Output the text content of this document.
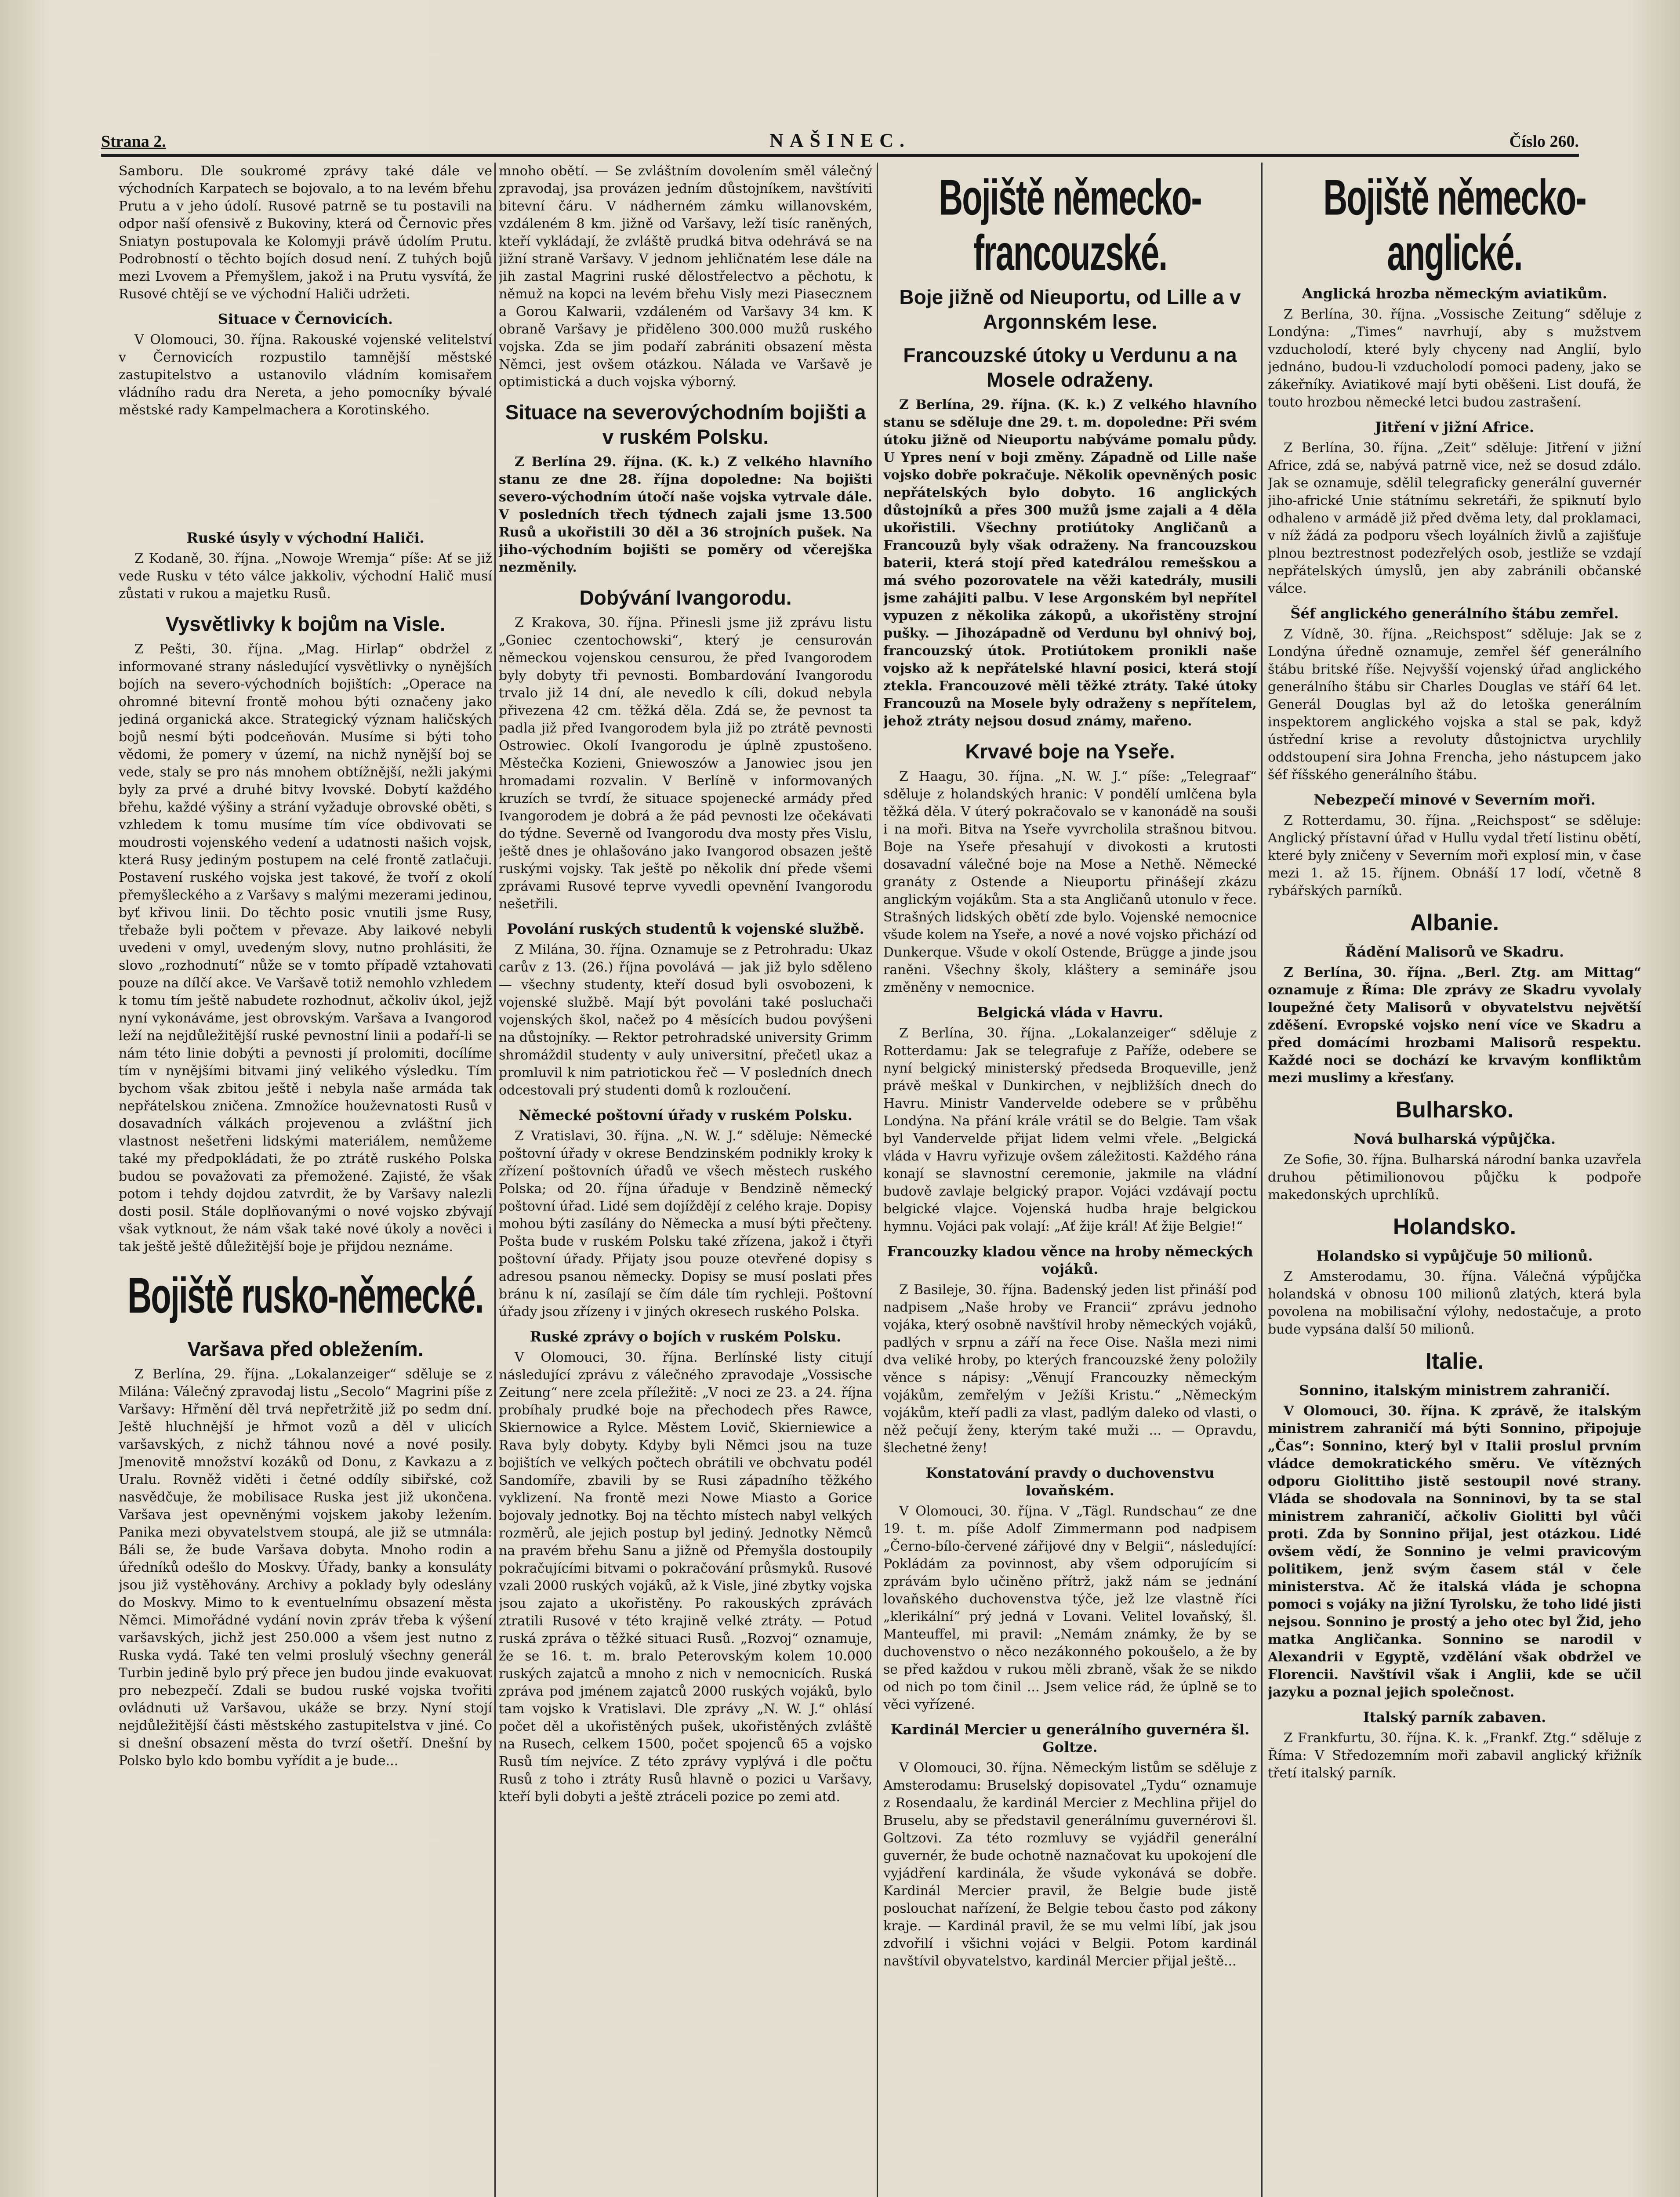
Strana 2.	NAŠINEC.	Číslo 260.

Samboru. Dle soukromé zprávy také dále ve východních Karpatech se bojovalo, a to na levém břehu Prutu a v jeho údolí. Rusové patrně se tu postavili na odpor naší ofensivě z Bukoviny, která od Černovic přes Sniatyn postupovala ke Kolomyji právě údolím Prutu. Podrobností o těchto bojích dosud není. Z tuhých bojů mezi Lvovem a Přemyšlem, jakož i na Prutu vysvítá, že Rusové chtějí se ve východní Haliči udržeti.

Situace v Černovicích.

V Olomouci, 30. října. Rakouské vojenské velitelství v Černovicích rozpustilo tamnější městské zastupitelstvo a ustanovilo vládním komisařem vládního radu dra Nereta, a jeho pomocníky bývalé městské rady Kampelmachera a Korotinského.

Ruské úsyly v východní Haliči.

Z Kodaně, 30. října. „Nowoje Wremja“ píše: Ať se již vede Rusku v této válce jakkoliv, východní Halič musí zůstati v rukou a majetku Rusů.

Vysvětlivky k bojům na Visle.

Z Pešti, 30. října. „Mag. Hirlap“ obdržel z informované strany následující vysvětlivky o nynějších bojích na severo-východních bojištích: „Operace na ohromné bitevní frontě mohou býti označeny jako jediná organická akce. Strategický význam haličských bojů nesmí býti podceňován. Musíme si býti toho vědomi, že pomery v území, na nichž nynější boj se vede, staly se pro nás mnohem obtížnější, nežli jakými byly za prvé a druhé bitvy lvovské. Dobytí každého břehu, každé výšiny a strání vyžaduje obrovské oběti, s vzhledem k tomu musíme tím více obdivovati se moudrosti vojenského vedení a udatnosti našich vojsk, která Rusy jediným postupem na celé frontě zatlačuji. Postavení ruského vojska jest takové, že tvoří z okolí přemyšleckého a z Varšavy s malými mezerami jedinou, byť křivou linii. Do těchto posic vnutili jsme Rusy, třebaže byli počtem v převaze. Aby laikové nebyli uvedeni v omyl, uvedeným slovy, nutno prohlásiti, že slovo „rozhodnutí“ nůže se v tomto případě vztahovati pouze na dílčí akce. Ve Varšavě totiž nemohlo vzhledem k tomu tím ještě nabudete rozhodnut, ačkoliv úkol, jejž nyní vykonáváme, jest obrovským. Varšava a Ivangorod leží na nejdůležitější ruské pevnostní linii a podaří-li se nám této linie dobýti a pevnosti jí prolomiti, docílíme tím v nynějšími bitvami jiný velikého výsledku. Tím bychom však zbitou ještě i nebyla naše armáda tak nepřátelskou zničena. Zmnožíce houževnatosti Rusů v dosavadních válkách projevenou a zvláštní jich vlastnost nešetřeni lidskými materiálem, nemůžeme také my předpokládati, že po ztrátě ruského Polska budou se považovati za přemožené. Zajisté, že však potom i tehdy dojdou zatvrdit, že by Varšavy nalezli dosti posil. Stále doplňovanými o nové vojsko zbývají však vytknout, že nám však také nové úkoly a nověci i tak ještě ještě důležitější boje je přijdou neznáme.

Bojiště rusko-německé.
Varšava před obležením.

Z Berlína, 29. října. „Lokalanzeiger“ sděluje se z Milána: Válečný zpravodaj listu „Secolo“ Magrini píše z Varšavy: Hřmění děl trvá nepřetržitě již po sedm dní. Ještě hluchnější je hřmot vozů a děl v ulicích varšavských, z nichž táhnou nové a nové posily. Jmenovitě množství kozáků od Donu, z Kavkazu a z Uralu. Rovněž viděti i četné oddíly sibiřské, což nasvědčuje, že mobilisace Ruska jest již ukončena. Varšava jest opevněnými vojskem jakoby ležením. Panika mezi obyvatelstvem stoupá, ale již se utmnála: Báli se, že bude Varšava dobyta. Mnoho rodin a úředníků odešlo do Moskvy. Úřady, banky a konsuláty jsou již vystěhovány. Archivy a poklady byly odeslány do Moskvy. Mimo to k eventuelnímu obsazení města Němci. Mimořádné vydání novin zpráv třeba k výšení varšavských, jichž jest 250.000 a všem jest nutno z Ruska vydá. Také ten velmi proslulý všechny generál Turbin jedině bylo prý přece jen budou jinde evakuovat pro nebezpečí. Zdali se budou ruské vojska tvořiti ovládnuti už Varšavou, ukáže se brzy. Nyní stojí nejdůležitější části městského zastupitelstva v jiné. Co si dnešní obsazení města do tvrzí ošetří. Dnešní by Polsko bylo kdo bombu vyřídit a je bude...

mnoho obětí. — Se zvláštním dovolením směl válečný zpravodaj, jsa provázen jedním důstojníkem, navštíviti bitevní čáru. V nádherném zámku willanovském, vzdáleném 8 km. jižně od Varšavy, leží tisíc raněných, kteří vykládají, že zvláště prudká bitva odehrává se na jižní straně Varšavy. V jednom jehličnatém lese dále na jih zastal Magrini ruské dělostřelectvo a pěchotu, k němuž na kopci na levém břehu Visly mezi Piasecznem a Gorou Kalwarii, vzdáleném od Varšavy 34 km. K obraně Varšavy je přiděleno 300.000 mužů ruského vojska. Zda se jim podaří zabrániti obsazení města Němci, jest ovšem otázkou. Nálada ve Varšavě je optimistická a duch vojska výborný.

Situace na severovýchodním bojišti a v ruském Polsku.

Z Berlína 29. října. (K. k.) Z velkého hlavního stanu ze dne 28. října dopoledne: Na bojišti severo-východním útočí naše vojska vytrvale dále. V posledních třech týdnech zajali jsme 13.500 Rusů a ukořistili 30 děl a 36 strojních pušek. Na jiho-východním bojišti se poměry od včerejška nezměnily.

Dobývání Ivangorodu.

Z Krakova, 30. října. Přinesli jsme již zprávu listu „Goniec czentochowski“, který je censurován německou vojenskou censurou, že před Ivangorodem byly dobyty tři pevnosti. Bombardování Ivangorodu trvalo již 14 dní, ale nevedlo k cíli, dokud nebyla přivezena 42 cm. těžká děla. Zdá se, že pevnost ta padla již před Ivangorodem byla již po ztrátě pevnosti Ostrowiec. Okolí Ivangorodu je úplně zpustošeno. Městečka Kozieni, Gniewoszów a Janowiec jsou jen hromadami rozvalin. V Berlíně v informovaných kruzích se tvrdí, že situace spojenecké armády před Ivangorodem je dobrá a že pád pevnosti lze očekávati do týdne. Severně od Ivangorodu dva mosty přes Vislu, ještě dnes je ohlašováno jako Ivangorod obsazen ještě ruskými vojsky. Tak ještě po několik dní přede všemi zprávami Rusové teprve vyvedli opevnění Ivangorodu nešetřili.

Povolání ruských studentů k vojenské službě.

Z Milána, 30. října. Oznamuje se z Petrohradu: Ukaz carův z 13. (26.) října povolává — jak již bylo sděleno — všechny studenty, kteří dosud byli osvobozeni, k vojenské službě. Mají být povoláni také posluchači vojenských škol, načež po 4 měsících budou povýšeni na důstojníky. — Rektor petrohradské university Grimm shromáždil studenty v auly universitní, přečetl ukaz a promluvil k nim patriotickou řeč — V posledních dnech odcestovali prý studenti domů k rozloučení.

Německé poštovní úřady v ruském Polsku.

Z Vratislavi, 30. října. „N. W. J.“ sděluje: Německé poštovní úřady v okrese Bendzinském podnikly kroky k zřízení poštovních úřadů ve všech městech ruského Polska; od 20. října úřaduje v Bendzině německý poštovní úřad. Lidé sem dojíždějí z celého kraje. Dopisy mohou býti zasílány do Německa a musí býti přečteny. Pošta bude v ruském Polsku také zřízena, jakož i čtyři poštovní úřady. Přijaty jsou pouze otevřené dopisy s adresou psanou německy. Dopisy se musí poslati přes bránu k ní, zasílají se čím dále tím rychleji. Poštovní úřady jsou zřízeny i v jiných okresech ruského Polska.

Ruské zprávy o bojích v ruském Polsku.

V Olomouci, 30. října. Berlínské listy citují následující zprávu z válečného zpravodaje „Vossische Zeitung“ nere zcela příležitě: „V noci ze 23. a 24. října probíhaly prudké boje na přechodech přes Rawce, Skiernowice a Rylce. Městem Lovič, Skierniewice a Rava byly dobyty. Kdyby byli Němci jsou na tuze bojištích ve velkých počtech obrátili ve obchvatu podél Sandomíře, zbavili by se Rusi západního těžkého vyklizení. Na frontě mezi Nowe Miasto a Gorice bojovaly jednotky. Boj na těchto místech nabyl velkých rozměrů, ale jejich postup byl jediný. Jednotky Němců na pravém břehu Sanu a jižně od Přemyšla dostoupily pokračujícími bitvami o pokračování průsmyků. Rusové vzali 2000 ruských vojáků, až k Visle, jiné zbytky vojska jsou zajato a ukořistěny. Po rakouských zprávách ztratili Rusové v této krajině velké ztráty. — Potud ruská zpráva o těžké situaci Rusů. „Rozvoj“ oznamuje, že se 16. t. m. bralo Peterovským kolem 10.000 ruských zajatců a mnoho z nich v nemocnicích. Ruská zpráva pod jménem zajatců 2000 ruských vojáků, bylo tam vojsko k Vratislavi. Dle zprávy „N. W. J.“ ohlásí počet děl a ukořistěných pušek, ukořistěných zvláště na Rusech, celkem 1500, počet spojenců 65 a vojsko Rusů tím nejvíce. Z této zprávy vyplývá i dle počtu Rusů z toho i ztráty Rusů hlavně o pozici u Varšavy, kteří byli dobyti a ještě ztráceli pozice po zemi atd.

Bojiště německo-francouzské.
Boje jižně od Nieuportu, od Lille a v Argonnském lese.
Francouzské útoky u Verdunu a na Mosele odraženy.

Z Berlína, 29. října. (K. k.) Z velkého hlavního stanu se sděluje dne 29. t. m. dopoledne: Při svém útoku jižně od Nieuportu nabýváme pomalu půdy. U Ypres není v boji změny. Západně od Lille naše vojsko dobře pokračuje. Několik opevněných posic nepřátelských bylo dobyto. 16 anglických důstojníků a přes 300 mužů jsme zajali a 4 děla ukořistili. Všechny protiútoky Angličanů a Francouzů byly však odraženy. Na francouzskou baterii, která stojí před katedrálou remešskou a má svého pozorovatele na věži katedrály, musili jsme zahájiti palbu. V lese Argonském byl nepřítel vypuzen z několika zákopů, a ukořistěny strojní pušky. — Jihozápadně od Verdunu byl ohnivý boj, francouzský útok. Protiútokem pronikli naše vojsko až k nepřátelské hlavní posici, která stojí ztekla. Francouzové měli těžké ztráty. Také útoky Francouzů na Mosele byly odraženy s nepřítelem, jehož ztráty nejsou dosud známy, mařeno.

Krvavé boje na Yseře.

Z Haagu, 30. října. „N. W. J.“ píše: „Telegraaf“ sděluje z holandských hranic: V pondělí umlčena byla těžká děla. V úterý pokračovalo se v kanonádě na souši i na moři. Bitva na Yseře vyvrcholila strašnou bitvou. Boje na Yseře přesahují v divokosti a krutosti dosavadní válečné boje na Mose a Nethě. Německé granáty z Ostende a Nieuportu přinášejí zkázu anglickým vojákům. Sta a sta Angličanů utonulo v řece. Strašných lidských obětí zde bylo. Vojenské nemocnice všude kolem na Yseře, a nové a nové vojsko přichází od Dunkerque. Všude v okolí Ostende, Brügge a jinde jsou raněni. Všechny školy, kláštery a semináře jsou změněny v nemocnice.

Belgická vláda v Havru.

Z Berlína, 30. října. „Lokalanzeiger“ sděluje z Rotterdamu: Jak se telegrafuje z Paříže, odebere se nyní belgický ministerský předseda Broqueville, jenž právě meškal v Dunkirchen, v nejbližších dnech do Havru. Ministr Vandervelde odebere se v průběhu Londýna. Na přání krále vrátil se do Belgie. Tam však byl Vandervelde přijat lidem velmi vřele. „Belgická vláda v Havru vyřizuje ovšem záležitosti. Každého rána konají se slavnostní ceremonie, jakmile na vládní budově zavlaje belgický prapor. Vojáci vzdávají poctu belgické vlajce. Vojenská hudba hraje belgickou hymnu. Vojáci pak volají: „Ať žije král! Ať žije Belgie!“

Francouzky kladou věnce na hroby německých vojáků.

Z Basileje, 30. října. Badenský jeden list přináší pod nadpisem „Naše hroby ve Francii“ zprávu jednoho vojáka, který osobně navštívil hroby německých vojáků, padlých v srpnu a září na řece Oise. Našla mezi nimi dva veliké hroby, po kterých francouzské ženy položily věnce s nápisy: „Věnují Francouzky německým vojákům, zemřelým v Ježíši Kristu.“ „Německým vojákům, kteří padli za vlast, padlým daleko od vlasti, o něž pečují ženy, kterým také muži ... — Opravdu, šlechetné ženy!

Konstatování pravdy o duchovenstvu lovaňském.

V Olomouci, 30. října. V „Tägl. Rundschau“ ze dne 19. t. m. píše Adolf Zimmermann pod nadpisem „Černo-bílo-červené zářijové dny v Belgii“, následující: Pokládám za povinnost, aby všem odporujícím si zprávám bylo učiněno přítrž, jakž nám se jednání lovaňského duchovenstva týče, jež lze vlastně říci „klerikální“ prý jedná v Lovani. Velitel lovaňský, šl. Manteuffel, mi pravil: „Nemám známky, že by se duchovenstvo o něco nezákonného pokoušelo, a že by se před každou v rukou měli zbraně, však že se nikdo od nich po tom činil ... Jsem velice rád, že úplně se to věci vyřízené.

Kardinál Mercier u generálního guvernéra šl. Goltze.

V Olomouci, 30. října. Německým listům se sděluje z Amsterodamu: Bruselský dopisovatel „Tydu“ oznamuje z Rosendaalu, že kardinál Mercier z Mechlina přijel do Bruselu, aby se představil generálnímu guvernérovi šl. Goltzovi. Za této rozmluvy se vyjádřil generální guvernér, že bude ochotně naznačovat ku upokojení dle vyjádření kardinála, že všude vykonává se dobře. Kardinál Mercier pravil, že Belgie bude jistě poslouchat nařízení, že Belgie tebou často pod zákony kraje. — Kardinál pravil, že se mu velmi líbí, jak jsou zdvořilí i všichni vojáci v Belgii. Potom kardinál navštívil obyvatelstvo, kardinál Mercier přijal ještě...

Bojiště německo-anglické.
Anglická hrozba německým aviatikům.

Z Berlína, 30. října. „Vossische Zeitung“ sděluje z Londýna: „Times“ navrhují, aby s mužstvem vzducholodí, které byly chyceny nad Anglií, bylo jednáno, budou-li vzducholodí pomoci padeny, jako se zákeřníky. Aviatikové mají byti oběšeni. List doufá, že touto hrozbou německé letci budou zastrašení.

Jitření v jižní Africe.

Z Berlína, 30. října. „Zeit“ sděluje: Jitření v jižní Africe, zdá se, nabývá patrně vice, než se dosud zdálo. Jak se oznamuje, sdělil telegraficky generální guvernér jiho-africké Unie státnímu sekretáři, že spiknutí bylo odhaleno v armádě již před dvěma lety, dal proklamaci, v níž žádá za podporu všech loyálních živlů a zajišťuje plnou beztrestnost podezřelých osob, jestliže se vzdají nepřátelských úmyslů, jen aby zabránili občanské válce.

Šéf anglického generálního štábu zemřel.

Z Vídně, 30. října. „Reichspost“ sděluje: Jak se z Londýna úředně oznamuje, zemřel šéf generálního štábu britské říše. Nejvyšší vojenský úřad anglického generálního štábu sir Charles Douglas ve stáří 64 let. Generál Douglas byl až do letoška generálním inspektorem anglického vojska a stal se pak, když ústřední krise a revoluty důstojnictva urychlily oddstoupení sira Johna Frencha, jeho nástupcem jako šéf říšského generálního štábu.

Nebezpečí minové v Severním moři.

Z Rotterdamu, 30. října. „Reichspost“ se sděluje: Anglický přístavní úřad v Hullu vydal třetí listinu obětí, které byly zničeny v Severním moři explosí min, v čase mezi 1. až 15. říjnem. Obnáší 17 lodí, včetně 8 rybářských parníků.

Albanie.
Řádění Malisorů ve Skadru.

Z Berlína, 30. října. „Berl. Ztg. am Mittag“ oznamuje z Říma: Dle zprávy ze Skadru vyvolaly loupežné čety Malisorů v obyvatelstvu největší zděšení. Evropské vojsko není více ve Skadru a před domácími hrozbami Malisorů respektu. Každé noci se dochází ke krvavým konfliktům mezi muslimy a křesťany.

Bulharsko.
Nová bulharská výpůjčka.

Ze Sofie, 30. října. Bulharská národní banka uzavřela druhou pětimilionovou půjčku k podpoře makedonských uprchlíků.

Holandsko.
Holandsko si vypůjčuje 50 milionů.

Z Amsterodamu, 30. října. Válečná výpůjčka holandská v obnosu 100 milionů zlatých, která byla povolena na mobilisační výlohy, nedostačuje, a proto bude vypsána další 50 milionů.

Italie.
Sonnino, italským ministrem zahraničí.

V Olomouci, 30. října. K zprávě, že italským ministrem zahraničí má býti Sonnino, připojuje „Čas“: Sonnino, který byl v Italii proslul prvním vládce demokratického směru. Ve vítězných odporu Giolittiho jistě sestoupil nové strany. Vláda se shodovala na Sonninovi, by ta se stal ministrem zahraničí, ačkoliv Giolitti byl vůči proti. Zda by Sonnino přijal, jest otázkou. Lidé ovšem vědí, že Sonnino je velmi pravicovým politikem, jenž svým časem stál v čele ministerstva. Ač že italská vláda je schopna pomoci s vojáky na jižní Tyrolsku, že toho lidé jisti nejsou. Sonnino je prostý a jeho otec byl Žid, jeho matka Angličanka. Sonnino se narodil v Alexandrii v Egyptě, vzdělání však obdržel ve Florencii. Navštívil však i Anglii, kde se učil jazyku a poznal jejich společnost.

Italský parník zabaven.

Z Frankfurtu, 30. října. K. k. „Frankf. Ztg.“ sděluje z Říma: V Středozemním moři zabavil anglický křižník třetí italský parník.
